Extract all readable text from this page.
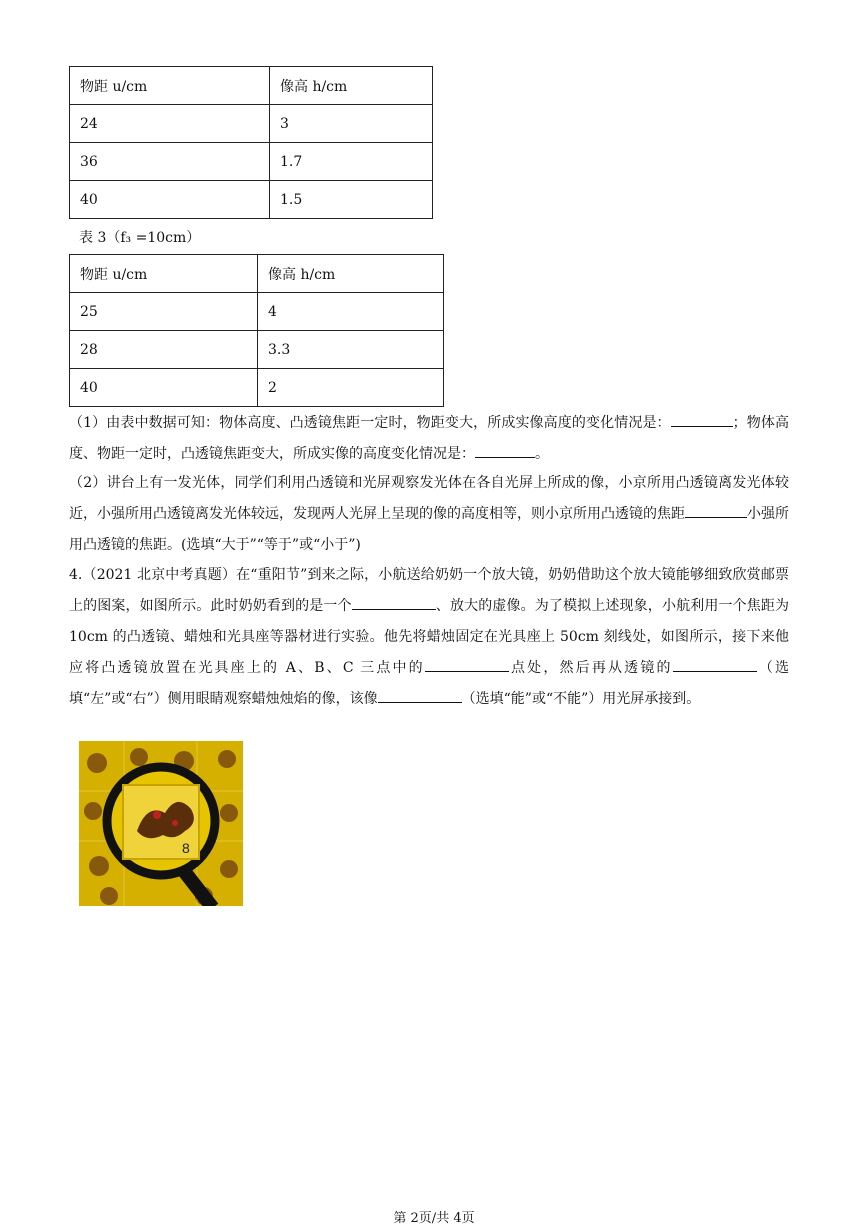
物距 u/cm	像高 h/cm
24	3
36	1.7
40	1.5
表 3（f₃ =10cm）
物距 u/cm	像高 h/cm
25	4
28	3.3
40	2
（1）由表中数据可知：物体高度、凸透镜焦距一定时，物距变大，所成实像高度的变化情况是：	；物体高度、物距一定时，凸透镜焦距变大，所成实像的高度变化情况是：	。
（2）讲台上有一发光体，同学们利用凸透镜和光屏观察发光体在各自光屏上所成的像，小京所用凸透镜离发光体较近，小强所用凸透镜离发光体较远，发现两人光屏上呈现的像的高度相等，则小京所用凸透镜的焦距	小强所用凸透镜的焦距。(选填“大于”“等于”或“小于”)
4.（2021 北京中考真题）在“重阳节”到来之际，小航送给奶奶一个放大镜，奶奶借助这个放大镜能够细致欣赏邮票上的图案，如图所示。此时奶奶看到的是一个	、放大的虚像。为了模拟上述现象，小航利用一个焦距为 10cm 的凸透镜、蜡烛和光具座等器材进行实验。他先将蜡烛固定在光具座上 50cm 刻线处，如图所示，接下来他应将凸透镜放置在光具座上的 A、B、C 三点中的	点处，然后再从透镜的	（选填“左”或“右”）侧用眼睛观察蜡烛烛焰的像，该像	（选填“能”或“不能”）用光屏承接到。
8
第 2页/共 4页
